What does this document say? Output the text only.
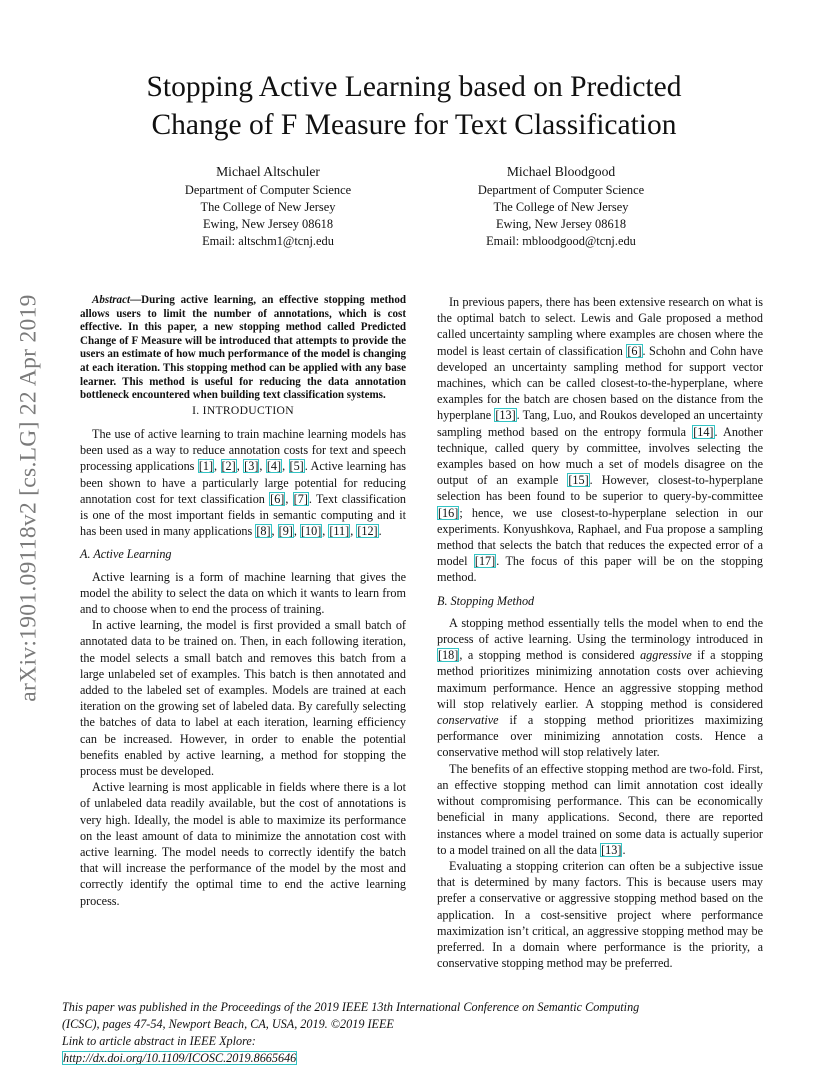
arXiv:1901.09118v2 [cs.LG] 22 Apr 2019
Stopping Active Learning based on Predicted
Change of F Measure for Text Classification
Michael Altschuler
Department of Computer Science
The College of New Jersey
Ewing, New Jersey 08618
Email: altschm1@tcnj.edu
Michael Bloodgood
Department of Computer Science
The College of New Jersey
Ewing, New Jersey 08618
Email: mbloodgood@tcnj.edu

Abstract—During active learning, an effective stopping method allows users to limit the number of annotations, which is cost effective. In this paper, a new stopping method called Predicted Change of F Measure will be introduced that attempts to provide the users an estimate of how much performance of the model is changing at each iteration. This stopping method can be applied with any base learner. This method is useful for reducing the data annotation bottleneck encountered when building text classification systems.

I. INTRODUCTION

The use of active learning to train machine learning models has been used as a way to reduce annotation costs for text and speech processing applications [1], [2], [3], [4], [5]. Active learning has been shown to have a particularly large potential for reducing annotation cost for text classification [6], [7]. Text classification is one of the most important fields in semantic computing and it has been used in many applications [8], [9], [10], [11], [12].

A. Active Learning

Active learning is a form of machine learning that gives the model the ability to select the data on which it wants to learn from and to choose when to end the process of training.

In active learning, the model is first provided a small batch of annotated data to be trained on. Then, in each following iteration, the model selects a small batch and removes this batch from a large unlabeled set of examples. This batch is then annotated and added to the labeled set of examples. Models are trained at each iteration on the growing set of labeled data. By carefully selecting the batches of data to label at each iteration, learning efficiency can be increased. However, in order to enable the potential benefits enabled by active learning, a method for stopping the process must be developed.

Active learning is most applicable in fields where there is a lot of unlabeled data readily available, but the cost of annotations is very high. Ideally, the model is able to maximize its performance on the least amount of data to minimize the annotation cost with active learning. The model needs to correctly identify the batch that will increase the performance of the model by the most and correctly identify the optimal time to end the active learning process.

In previous papers, there has been extensive research on what is the optimal batch to select. Lewis and Gale proposed a method called uncertainty sampling where examples are chosen where the model is least certain of classification [6]. Schohn and Cohn have developed an uncertainty sampling method for support vector machines, which can be called closest-to-the-hyperplane, where examples for the batch are chosen based on the distance from the hyperplane [13]. Tang, Luo, and Roukos developed an uncertainty sampling method based on the entropy formula [14]. Another technique, called query by committee, involves selecting the examples based on how much a set of models disagree on the output of an example [15]. However, closest-to-hyperplane selection has been found to be superior to query-by-committee [16]; hence, we use closest-to-hyperplane selection in our experiments. Konyushkova, Raphael, and Fua propose a sampling method that selects the batch that reduces the expected error of a model [17]. The focus of this paper will be on the stopping method.

B. Stopping Method

A stopping method essentially tells the model when to end the process of active learning. Using the terminology introduced in [18], a stopping method is considered aggressive if a stopping method prioritizes minimizing annotation costs over achieving maximum performance. Hence an aggressive stopping method will stop relatively earlier. A stopping method is considered conservative if a stopping method prioritizes maximizing performance over minimizing annotation costs. Hence a conservative method will stop relatively later.

The benefits of an effective stopping method are two-fold. First, an effective stopping method can limit annotation cost ideally without compromising performance. This can be economically beneficial in many applications. Second, there are reported instances where a model trained on some data is actually superior to a model trained on all the data [13].

Evaluating a stopping criterion can often be a subjective issue that is determined by many factors. This is because users may prefer a conservative or aggressive stopping method based on the application. In a cost-sensitive project where performance maximization isn’t critical, an aggressive stopping method may be preferred. In a domain where performance is the priority, a conservative stopping method may be preferred.

This paper was published in the Proceedings of the 2019 IEEE 13th International Conference on Semantic Computing
(ICSC), pages 47-54, Newport Beach, CA, USA, 2019. ©2019 IEEE
Link to article abstract in IEEE Xplore:
http://dx.doi.org/10.1109/ICOSC.2019.8665646
